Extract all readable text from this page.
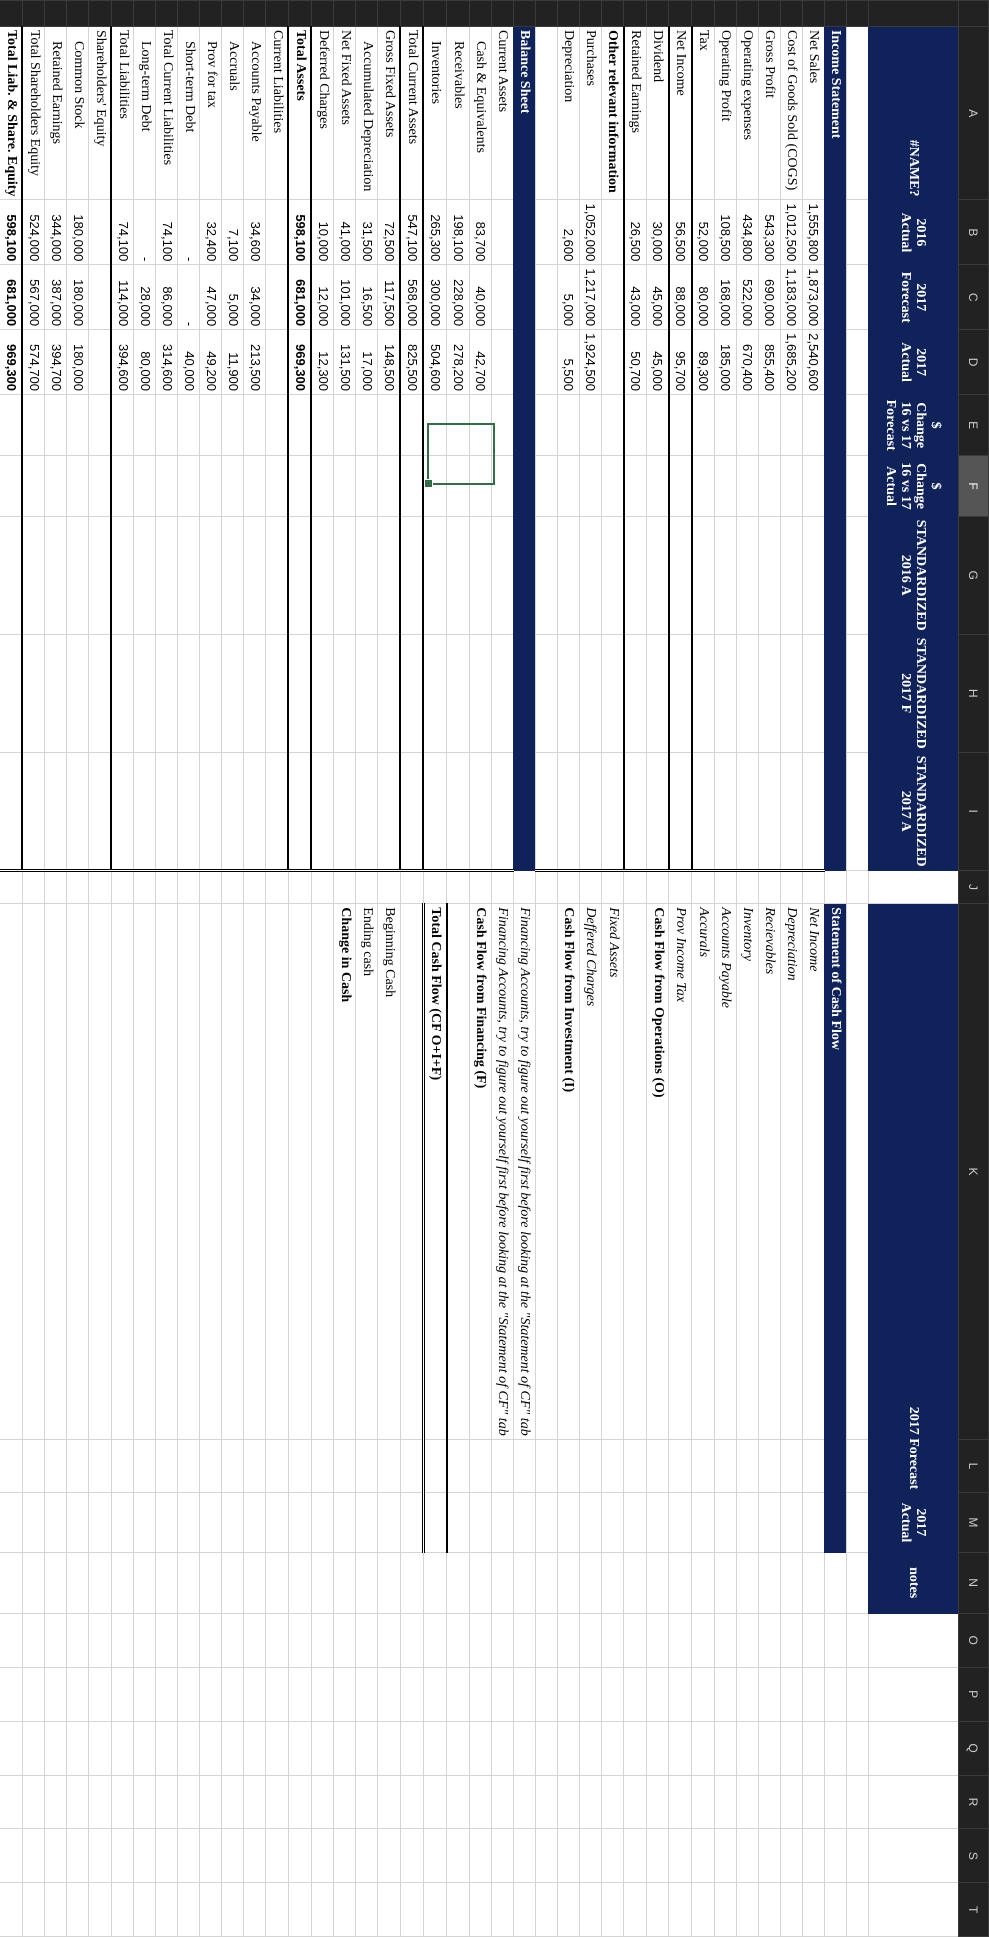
	A	B	C	D	E	F	G	H	I	J	K	L	M	N	O	P	Q	R	S	T
	#NAME?	2016 Actual	2017 Forecast	2017 Actual	$ Change 16 vs 17 Forecast	$ Change 16 vs 17 Actual	STANDARDIZED 2016 A	STANDARDIZED 2017 F	STANDARDIZED 2017 A		2017 Forecast		2017 Actual	notes						

	Income Statement										Statement of Cash Flow									
	Net Sales	1,555,800	1,873,000	2,540,600							Net Income									
	Cost of Goods Sold (COGS)	1,012,500	1,183,000	1,685,200							Depreciation									
	Gross Profit	543,300	690,000	855,400							Recievables									
	Operating expenses	434,800	522,000	670,400							Inventory									
	Operating Profit	108,500	168,000	185,000							Accounts Payable									
	Tax	52,000	80,000	89,300							Accurals									
	Net Income	56,500	88,000	95,700							Prov Income Tax									
	Dividend	30,000	45,000	45,000							Cash Flow from Operations (O)									
	Retained Earnings	26,500	43,000	50,700																
	Other relevant information										Fixed Assets									
	Purchases	1,052,000	1,217,000	1,924,500							Deffered Charges									
	Depreciation	2,600	5,000	5,500							Cash Flow from Investment (I)									

	Balance Sheet										Financing Accounts, try to figure out yourself first before looking at the "Statement of CF" tab									
	Current Assets										Financing Accounts, try to figure out yourself first before looking at the "Statement of CF" tab									
	Cash & Equivalents	83,700	40,000	42,700							Cash Flow from Financing (F)									
	Receivables	198,100	228,000	278,200																
	Inventories	265,300	300,000	504,600							Total Cash Flow (CF O+I+F)									
	Total Current Assets	547,100	568,000	825,500																
	Gross Fixed Assets	72,500	117,500	148,500							Beginning Cash									
	Accumulated Depreciation	31,500	16,500	17,000							Ending cash									
	Net Fixed Assets	41,000	101,000	131,500							Change in Cash									
	Deferred Charges	10,000	12,000	12,300																
	Total Assets	598,100	681,000	969,300																
	Current Liabilities																			
	Accounts Payable	34,600	34,000	213,500																
	Accruals	7,100	5,000	11,900																
	Prov for tax	32,400	47,000	49,200																
	Short-term Debt	-	-	40,000																
	Total Current Liabilities	74,100	86,000	314,600																
	Long-term Debt	-	28,000	80,000																
	Total Liabilities	74,100	114,000	394,600																
	Shareholders' Equity																			
	Common Stock	180,000	180,000	180,000																
	Retained Earnings	344,000	387,000	394,700																
	Total Shareholders Equity	524,000	567,000	574,700																
	Total Liab. & Share. Equity	598,100	681,000	969,300																
